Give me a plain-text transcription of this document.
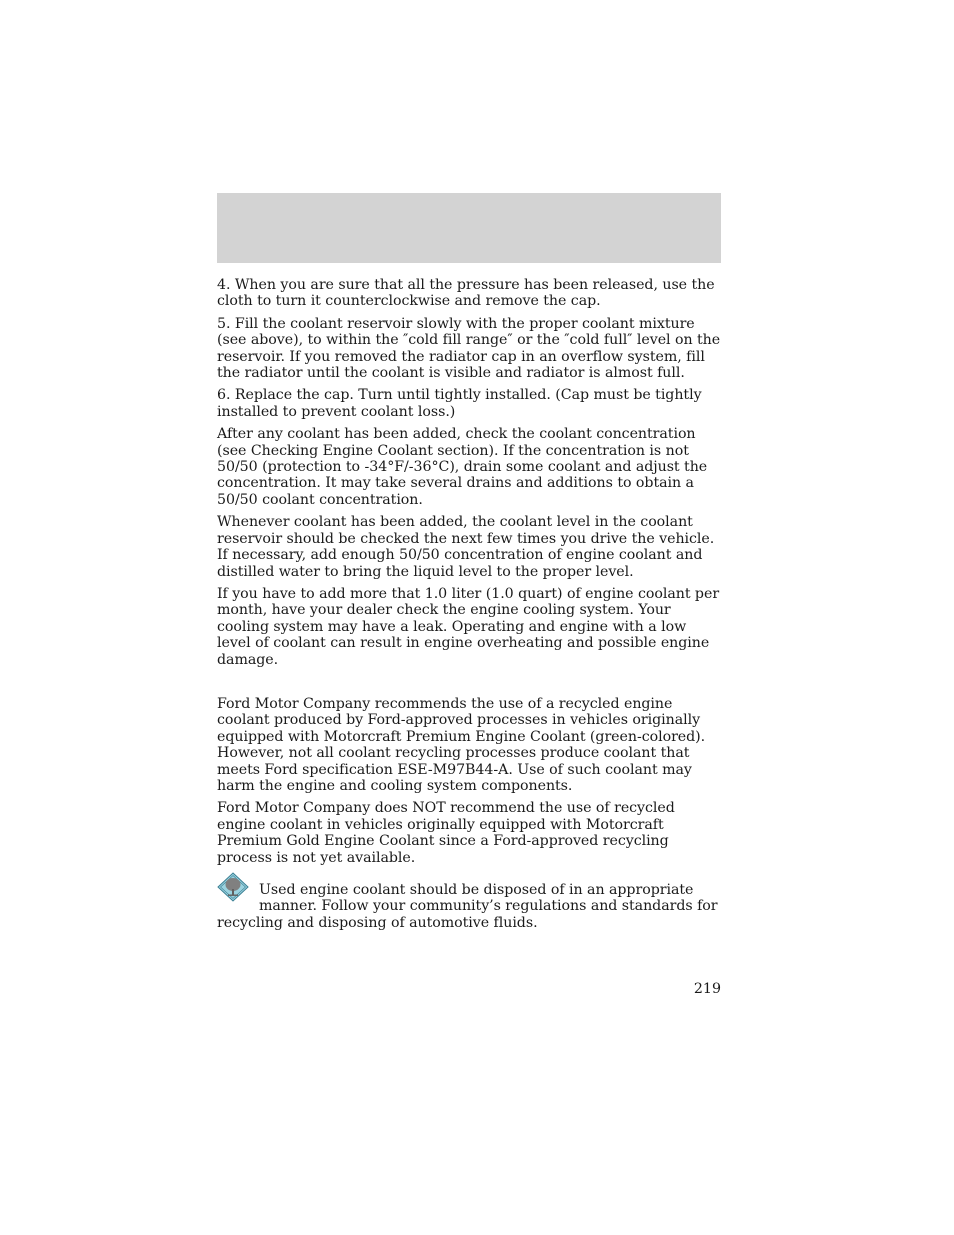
4. When you are sure that all the pressure has been released, use the cloth to turn it counterclockwise and remove the cap.

5. Fill the coolant reservoir slowly with the proper coolant mixture (see above), to within the ″cold fill range″ or the ″cold full″ level on the reservoir. If you removed the radiator cap in an overflow system, fill the radiator until the coolant is visible and radiator is almost full.

6. Replace the cap. Turn until tightly installed. (Cap must be tightly installed to prevent coolant loss.)

After any coolant has been added, check the coolant concentration (see Checking Engine Coolant section). If the concentration is not 50/50 (protection to -34°F/-36°C), drain some coolant and adjust the concentration. It may take several drains and additions to obtain a 50/50 coolant concentration.

Whenever coolant has been added, the coolant level in the coolant reservoir should be checked the next few times you drive the vehicle. If necessary, add enough 50/50 concentration of engine coolant and distilled water to bring the liquid level to the proper level.

If you have to add more that 1.0 liter (1.0 quart) of engine coolant per month, have your dealer check the engine cooling system. Your cooling system may have a leak. Operating and engine with a low level of coolant can result in engine overheating and possible engine damage.

Ford Motor Company recommends the use of a recycled engine coolant produced by Ford-approved processes in vehicles originally equipped with Motorcraft Premium Engine Coolant (green-colored). However, not all coolant recycling processes produce coolant that meets Ford specification ESE-M97B44-A. Use of such coolant may harm the engine and cooling system components.

Ford Motor Company does NOT recommend the use of recycled engine coolant in vehicles originally equipped with Motorcraft Premium Gold Engine Coolant since a Ford-approved recycling process is not yet available.

Used engine coolant should be disposed of in an appropriate manner. Follow your community’s regulations and standards for recycling and disposing of automotive fluids.
219
